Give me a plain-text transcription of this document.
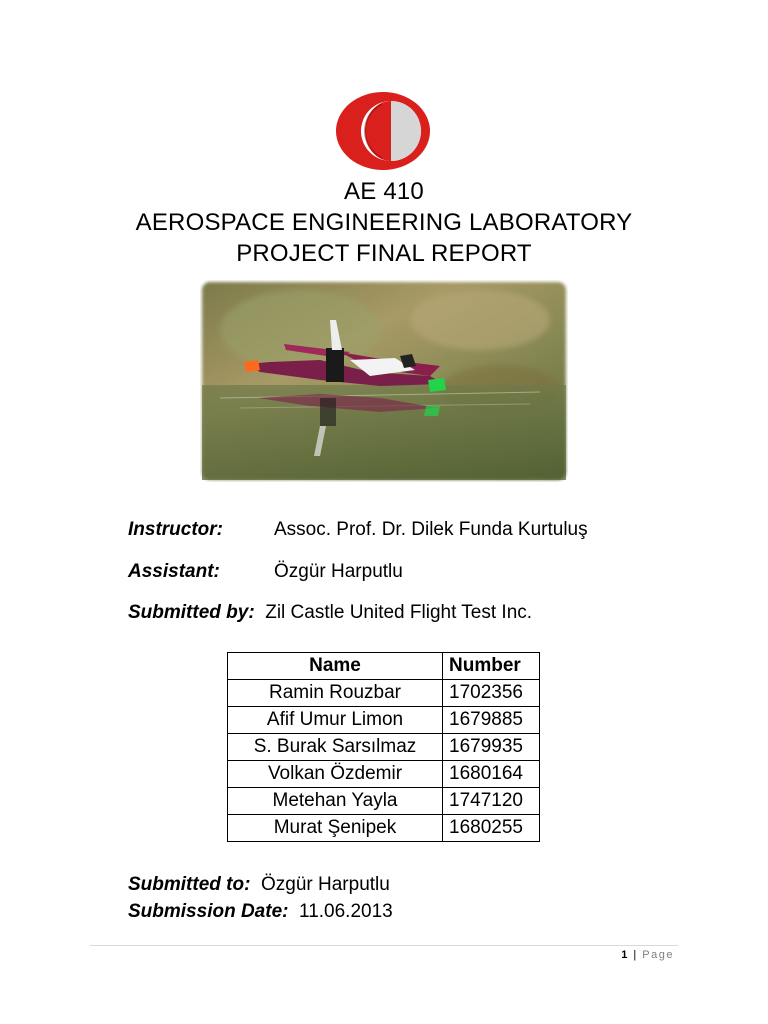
AE 410
AEROSPACE ENGINEERING LABORATORY
PROJECT FINAL REPORT
Instructor:	Assoc. Prof. Dr. Dilek Funda Kurtuluş
Assistant:	Özgür Harputlu
Submitted by: Zil Castle United Flight Test Inc.
Name	Number
Ramin Rouzbar	1702356
Afif Umur Limon	1679885
S. Burak Sarsılmaz	1679935
Volkan Özdemir	1680164
Metehan Yayla	1747120
Murat Şenipek	1680255
Submitted to: Özgür Harputlu
Submission Date: 11.06.2013
1 | Page
